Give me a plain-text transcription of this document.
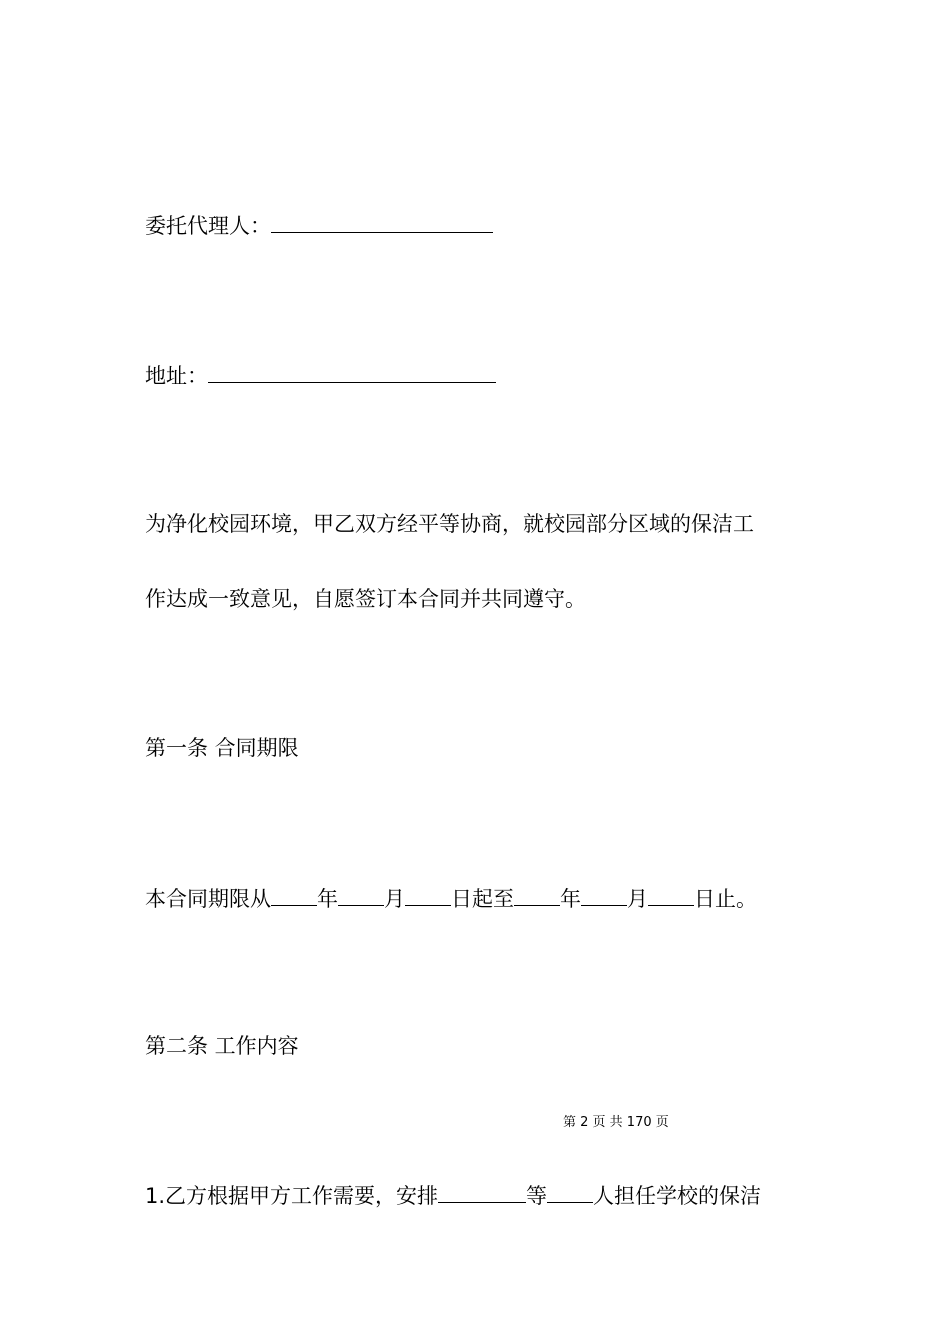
委托代理人：
地址：
为净化校园环境，甲乙双方经平等协商，就校园部分区域的保洁工
作达成一致意见，自愿签订本合同并共同遵守。
第一条 合同期限
本合同期限从 年 月 日起至 年 月 日止。
第二条 工作内容
第 2 页 共 170 页
1.乙方根据甲方工作需要，安排	等 人担任学校的保洁
